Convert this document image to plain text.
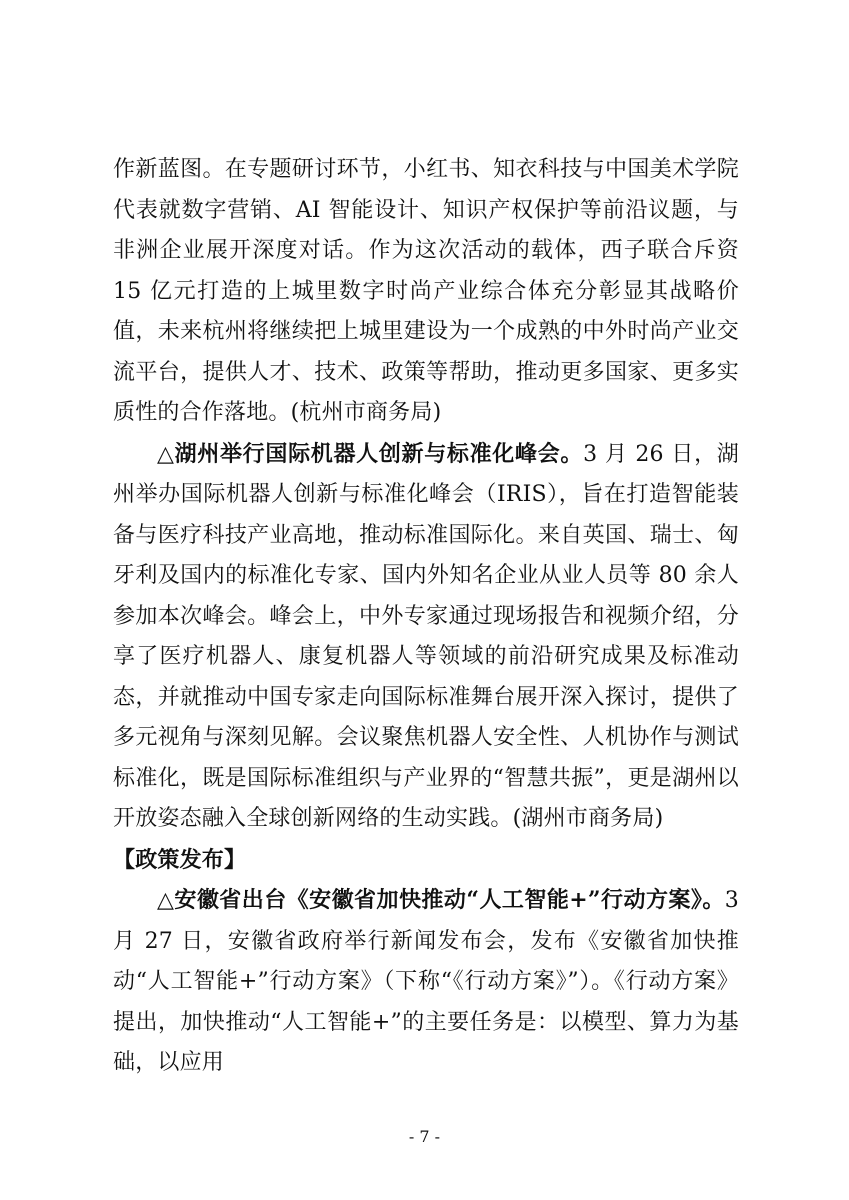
作新蓝图。在专题研讨环节，小红书、知衣科技与中国美术学院代表就数字营销、AI 智能设计、知识产权保护等前沿议题，与非洲企业展开深度对话。作为这次活动的载体，西子联合斥资 15 亿元打造的上城里数字时尚产业综合体充分彰显其战略价值，未来杭州将继续把上城里建设为一个成熟的中外时尚产业交流平台，提供人才、技术、政策等帮助，推动更多国家、更多实质性的合作落地。(杭州市商务局)

△湖州举行国际机器人创新与标准化峰会。3 月 26 日，湖州举办国际机器人创新与标准化峰会（IRIS），旨在打造智能装备与医疗科技产业高地，推动标准国际化。来自英国、瑞士、匈牙利及国内的标准化专家、国内外知名企业从业人员等 80 余人参加本次峰会。峰会上，中外专家通过现场报告和视频介绍，分享了医疗机器人、康复机器人等领域的前沿研究成果及标准动态，并就推动中国专家走向国际标准舞台展开深入探讨，提供了多元视角与深刻见解。会议聚焦机器人安全性、人机协作与测试标准化，既是国际标准组织与产业界的“智慧共振”，更是湖州以开放姿态融入全球创新网络的生动实践。(湖州市商务局)

【政策发布】

△安徽省出台《安徽省加快推动“人工智能+”行动方案》。3 月 27 日，安徽省政府举行新闻发布会，发布《安徽省加快推动“人工智能+”行动方案》（下称“《行动方案》”）。《行动方案》提出，加快推动“人工智能+”的主要任务是：以模型、算力为基础，以应用

- 7 -
